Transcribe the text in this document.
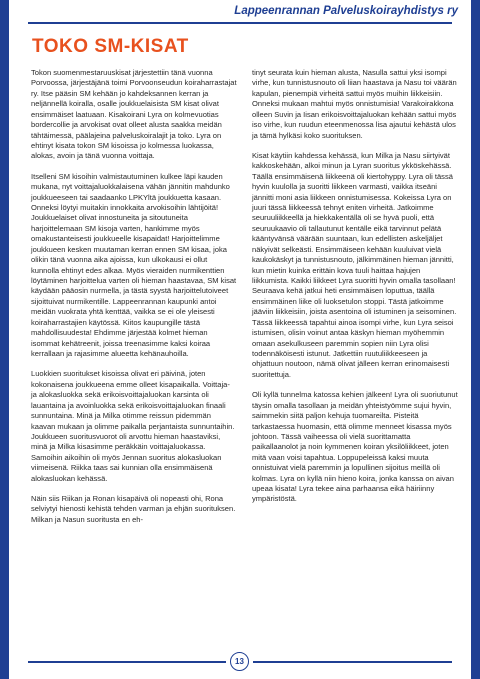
Lappeenrannan Palveluskoirayhdistys ry
TOKO SM-KISAT

Tokon suomenmestaruuskisat järjestettiin tänä vuonna Porvoossa, järjestäjänä toimi Porvoonseudun koiraharrastajat ry. Itse pääsin SM kehään jo kahdeksannen kerran ja neljännellä koiralla, osalle joukkuelaisista SM kisat olivat ensimmäiset laatuaan. Kisakoirani Lyra on kolmevuotias bordercollie ja arvokisat ovat olleet alusta saakka meidän tähtäimessä, päälajeina palveluskoiralajit ja toko. Lyra on ehtinyt kisata tokon SM kisoissa jo kolmessa luokassa, alokas, avoin ja tänä vuonna voittaja.

Itselleni SM kisoihin valmistautuminen kulkee läpi kauden mukana, nyt voittajaluokkalaisena vähän jännitin mahdunko joukkueeseen tai saadaanko LPKYltä joukkuetta kasaan. Onneksi löytyi muitakin innokkaita arvokisoihin lähtijöitä! Joukkuelaiset olivat innostuneita ja sitoutuneita harjoittelemaan SM kisoja varten, hankimme myös omakustanteisesti joukkueelle kisapaidat! Harjoittelimme joukkueen kesken muutaman kerran ennen SM kisaa, joka olikin tänä vuonna aika ajoissa, kun ulkokausi ei ollut kunnolla ehtinyt edes alkaa. Myös vieraiden nurmikenttien löytäminen harjoittelua varten oli hieman haastavaa, SM kisat käydään pääosin nurmella, ja tästä syystä harjoittelutoiveet sijoittuivat nurmikentille. Lappeenrannan kaupunki antoi meidän vuokrata yhtä kenttää, vaikka se ei ole yleisesti koiraharrastajien käytössä. Kiitos kaupungille tästä mahdollisuudesta! Ehdimme järjestää kolmet hieman isommat kehätreenit, joissa treenasimme kaksi koiraa kerrallaan ja rajasimme alueetta kehänauhoilla.

Luokkien suoritukset kisoissa olivat eri päivinä, joten kokonaisena joukkueena emme olleet kisapaikalla. Voittaja- ja alokasluokka sekä erikoisvoittajaluokan karsinta oli lauantaina ja avoinluokka sekä erikoisvoittajaluokan finaali sunnuntaina. Minä ja Milka otimme reissun pidemmän kaavan mukaan ja olimme paikalla perjantaista sunnuntaihin. Joukkueen suoritusvuorot oli arvottu hieman haastaviksi, minä ja Milka kisasimme peräkkäin voittajaluokassa. Samoihin aikoihin oli myös Jennan suoritus alokasluokan viimeisenä. Riikka taas sai kunnian olla ensimmäisenä alokasluokan kehässä.

Näin siis Riikan ja Ronan kisapäivä oli nopeasti ohi, Rona selviytyi hienosti kehistä tehden varman ja ehjän suorituksen. Milkan ja Nasun suoritusta en eh-

tinyt seurata kuin hieman alusta, Nasulla sattui yksi isompi virhe, kun tunnistusnouto oli liian haastava ja Nasu toi väärän kapulan, pienempiä virheitä sattui myös muihin liikkeisiin. Onneksi mukaan mahtui myös onnistumisia! Varakoirakkona olleen Suvin ja Iisan erikoisvoittajaluokan kehään sattui myös iso virhe, kun ruudun eteenmenossa lisa ajautui kehästä ulos ja tämä hylkäsi koko suorituksen.

Kisat käytiin kahdessa kehässä, kun Milka ja Nasu siirtyivät kakkoskehään, alkoi minun ja Lyran suoritus ykköskehässä. Täällä ensimmäisenä liikkeenä oli kiertohyppy. Lyra oli tässä hyvin kuulolla ja suoritti liikkeen varmasti, vaikka itseäni jännitti moni asia liikkeen onnistumisessa. Kokeissa Lyra on juuri tässä liikkeessä tehnyt eniten virheitä. Jatkoimme seuruuliikkeellä ja hiekkakentällä oli se hyvä puoli, että seuruukaavio oli tallautunut kentälle eikä tarvinnut pelätä kääntyvänsä väärään suuntaan, kun edellisten askeljäljet näkyivät selkeästi. Ensimmäiseen kehään kuuluivat vielä kaukokäskyt ja tunnistusnouto, jälkimmäinen hieman jännitti, kun mietin kuinka erittäin kova tuuli haittaa hajujen liikkumista. Kaikki liikkeet Lyra suoritti hyvin omalla tasollaan! Seuraava kehä jatkui heti ensimmäisen loputtua, täällä ensimmäinen liike oli luoksetulon stoppi. Tästä jatkoimme jääviin liikkeisiin, joista asentoina oli istuminen ja seisominen. Tässä liikkeessä tapahtui ainoa isompi virhe, kun Lyra seisoi istumisen, olisin voinut antaa käskyn hieman myöhemmin omaan asekulkuseen paremmin sopien niin Lyra olisi todennäköisesti istunut. Jatkettiin ruutuliikkeeseen ja ohjattuun noutoon, nämä olivat jälleen kerran erinomaisesti suoritettuja.

Oli kyllä tunnelma katossa kehien jälkeen! Lyra oli suoriutunut täysin omalla tasollaan ja meidän yhteistyömme sujui hyvin, saimmekin siitä paljon kehuja tuomareilta. Pisteitä tarkastaessa huomasin, että olimme menneet kisassa myös johtoon. Tässä vaiheessa oli vielä suorittamatta paikallaanolot ja noin kymmenen koiran yksilöliikkeet, joten mitä vaan voisi tapahtua. Loppupeleissä kaksi muuta onnistuivat vielä paremmin ja lopullinen sijoitus meillä oli kolmas. Lyra on kyllä niin hieno koira, jonka kanssa on aivan upeaa kisata! Lyra tekee aina parhaansa eikä häiriinny ympäristöstä.

13
